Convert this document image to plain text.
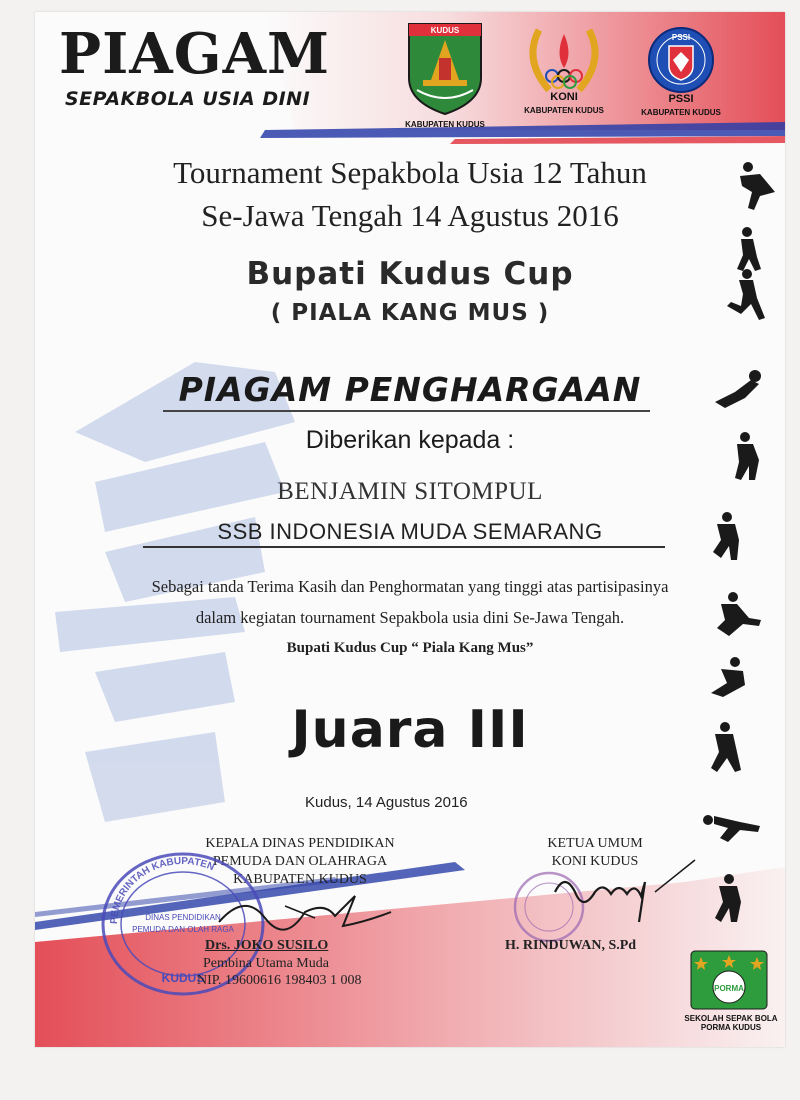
PIAGAM
SEPAKBOLA USIA DINI
KUDUS
KABUPATEN KUDUS
KONI
KABUPATEN KUDUS
PSSI
PSSI
KABUPATEN KUDUS
Tournament Sepakbola Usia 12 Tahun
Se-Jawa Tengah 14 Agustus 2016
Bupati Kudus Cup
( PIALA KANG MUS )
PIAGAM PENGHARGAAN
Diberikan kepada :
BENJAMIN SITOMPUL
SSB INDONESIA MUDA SEMARANG
Sebagai tanda Terima Kasih dan Penghormatan yang tinggi atas partisipasinya
dalam kegiatan tournament Sepakbola usia dini Se-Jawa Tengah.
Bupati Kudus Cup “ Piala Kang Mus”
Juara III
Kudus, 14 Agustus 2016
KEPALA DINAS PENDIDIKAN
PEMUDA DAN OLAHRAGA
KABUPATEN KUDUS
KETUA UMUM
KONI KUDUS
PEMERINTAH KABUPATEN
DINAS PENDIDIKAN
PEMUDA DAN OLAH RAGA
KUDUS
Drs. JOKO SUSILO
Pembina Utama Muda
NIP. 19600616 198403 1 008
H. RINDUWAN, S.Pd
PORMA
SEKOLAH SEPAK BOLA
PORMA KUDUS
